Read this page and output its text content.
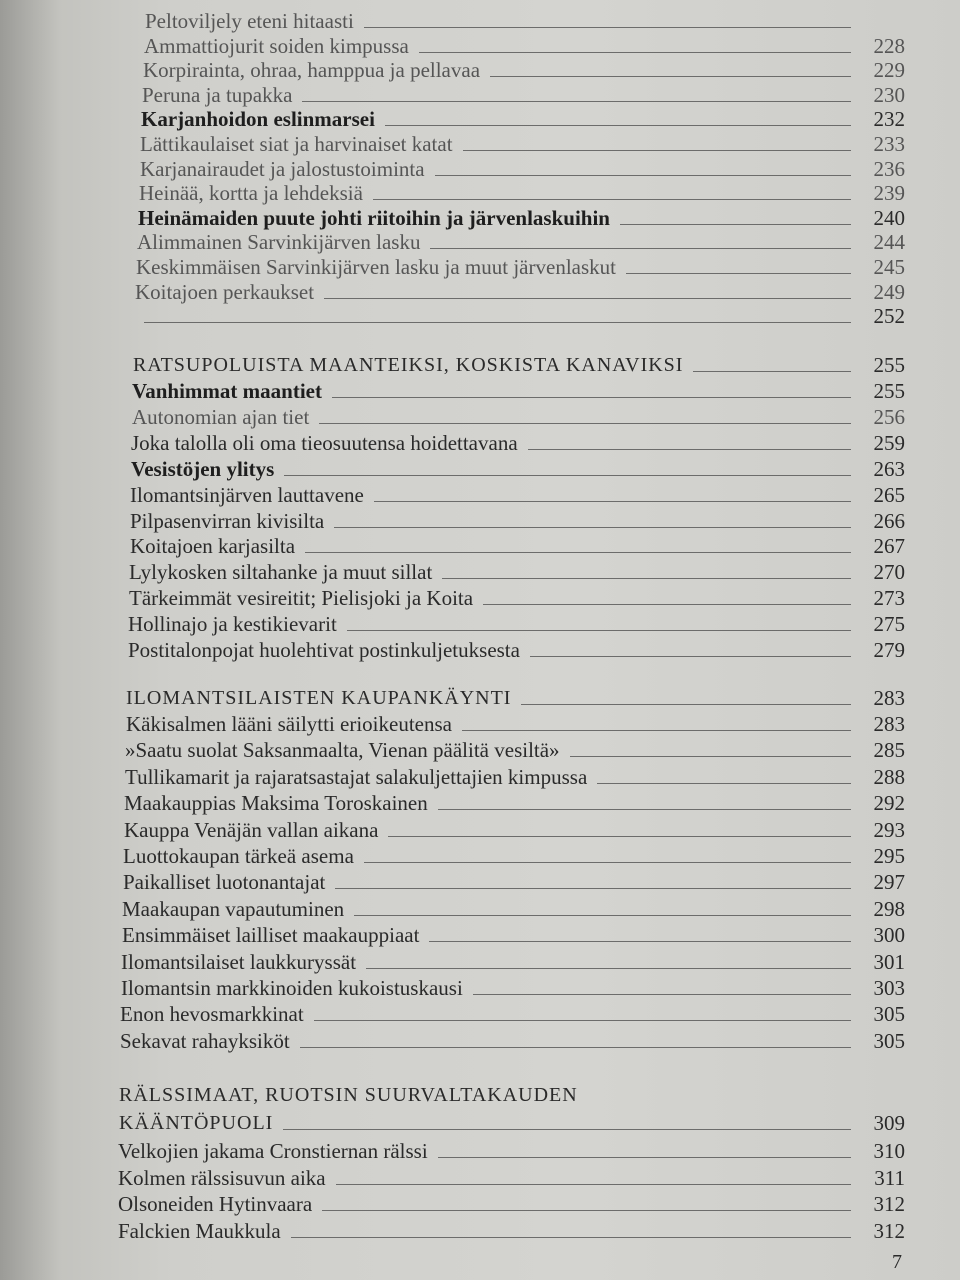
Peltoviljely eteni hitaasti
Ammattiojurit soiden kimpussa	228
Korpirainta, ohraa, hamppua ja pellavaa	229
Peruna ja tupakka	230
Karjanhoidon eslinmarsei	232
Lättikaulaiset siat ja harvinaiset katat	233
Karjanairaudet ja jalostustoiminta	236
Heinää, kortta ja lehdeksiä	239
Heinämaiden puute johti riitoihin ja järvenlaskuihin	240
Alimmainen Sarvinkijärven lasku	244
Keskimmäisen Sarvinkijärven lasku ja muut järvenlaskut	245
Koitajoen perkaukset	249
252
RATSUPOLUISTA MAANTEIKSI, KOSKISTA KANAVIKSI	255
Vanhimmat maantiet	255
Autonomian ajan tiet	256
Joka talolla oli oma tieosuutensa hoidettavana	259
Vesistöjen ylitys	263
Ilomantsinjärven lauttavene	265
Pilpasenvirran kivisilta	266
Koitajoen karjasilta	267
Lylykosken siltahanke ja muut sillat	270
Tärkeimmät vesireitit; Pielisjoki ja Koita	273
Hollinajo ja kestikievarit	275
Postitalonpojat huolehtivat postinkuljetuksesta	279
ILOMANTSILAISTEN KAUPANKÄYNTI	283
Käkisalmen lääni säilytti erioikeutensa	283
»Saatu suolat Saksanmaalta, Vienan päälitä vesiltä»	285
Tullikamarit ja rajaratsastajat salakuljettajien kimpussa	288
Maakauppias Maksima Toroskainen	292
Kauppa Venäjän vallan aikana	293
Luottokaupan tärkeä asema	295
Paikalliset luotonantajat	297
Maakaupan vapautuminen	298
Ensimmäiset lailliset maakauppiaat	300
Ilomantsilaiset laukkuryssät	301
Ilomantsin markkinoiden kukoistuskausi	303
Enon hevosmarkkinat	305
Sekavat rahayksiköt	305
RÄLSSIMAAT, RUOTSIN SUURVALTAKAUDEN
KÄÄNTÖPUOLI	309
Velkojien jakama Cronstiernan rälssi	310
Kolmen rälssisuvun aika	311
Olsoneiden Hytinvaara	312
Falckien Maukkula	312
7
